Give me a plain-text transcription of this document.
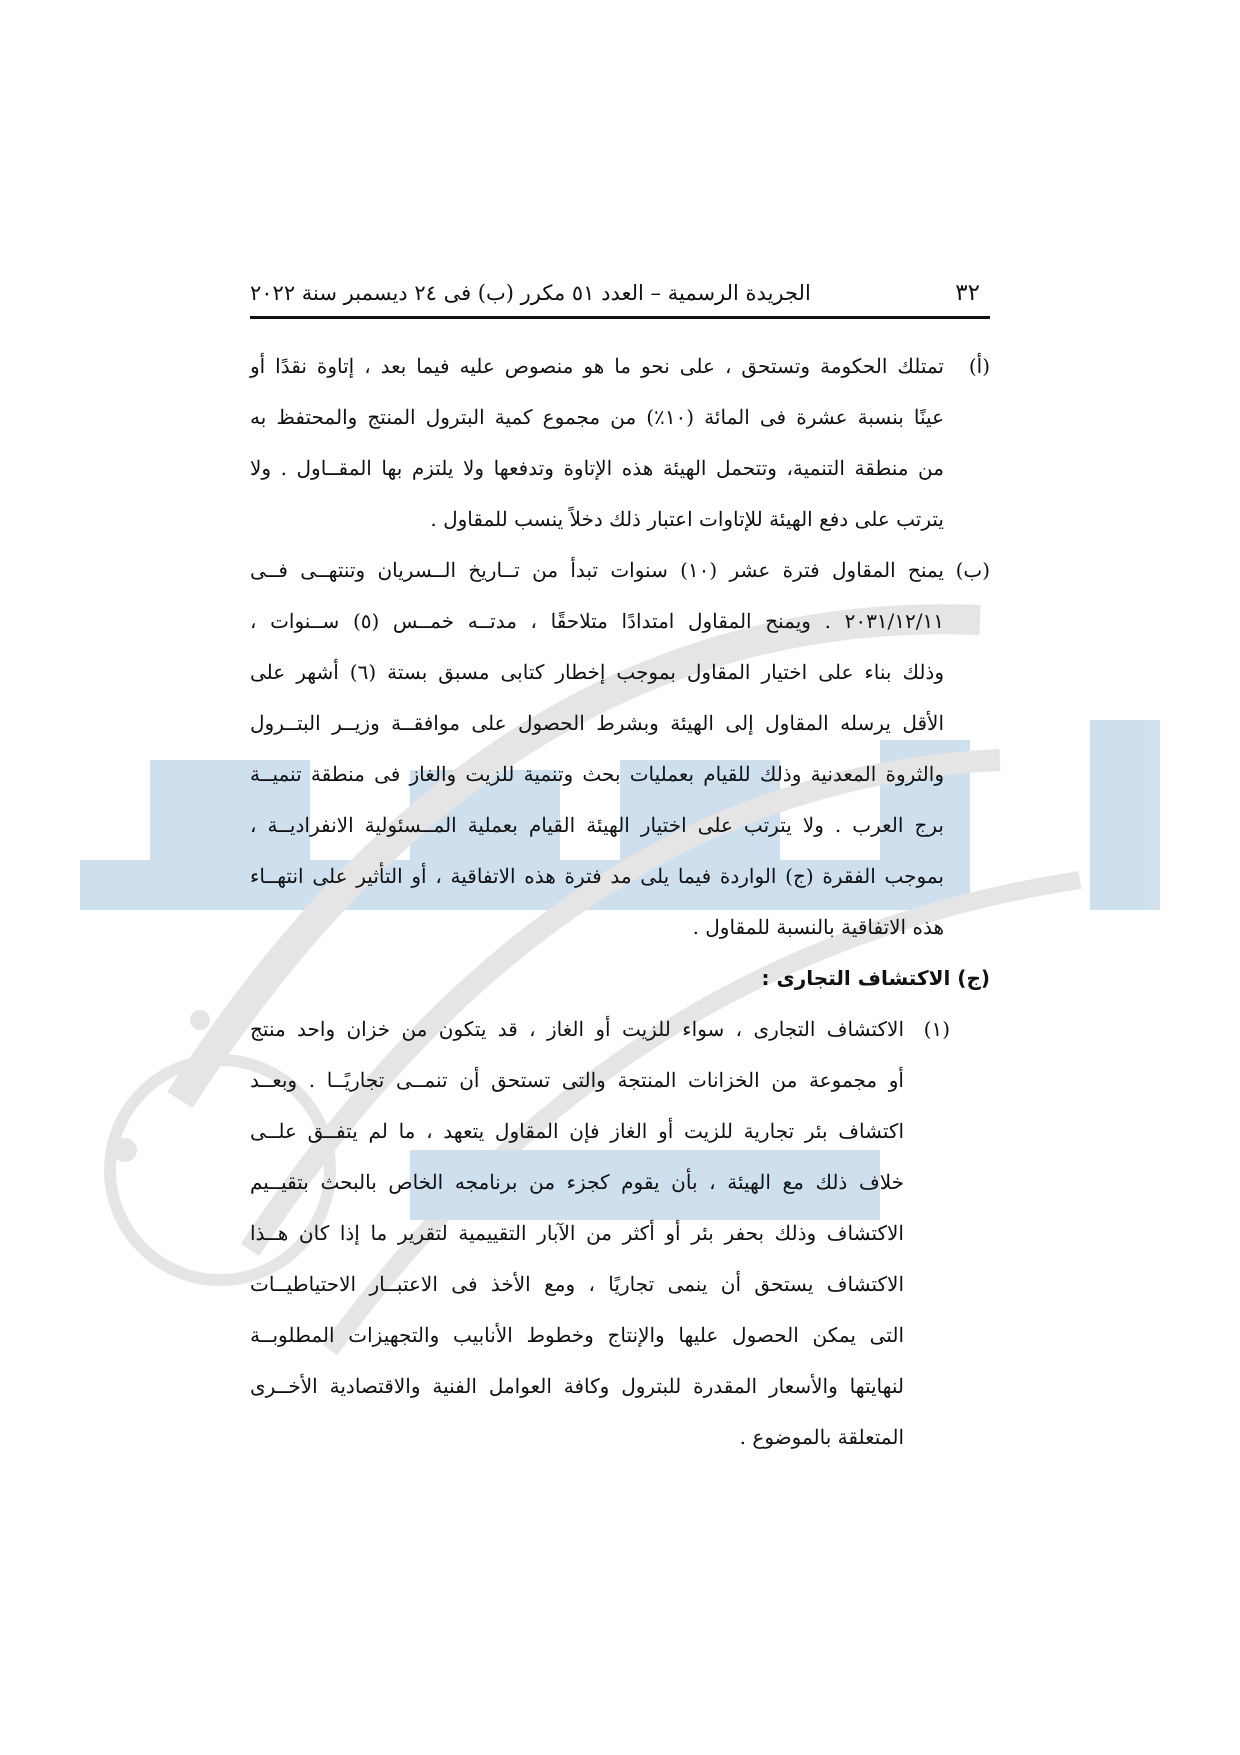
٣٢
الجريدة الرسمية – العدد ٥١ مكرر (ب) فى ٢٤ ديسمبر سنة ٢٠٢٢
(أ)
تمتلك الحكومة وتستحق ، على نحو ما هو منصوص عليه فيما بعد ، إتاوة نقدًا أو
عينًا بنسبة عشرة فى المائة (١٠٪) من مجموع كمية البترول المنتج والمحتفظ به
من منطقة التنمية، وتتحمل الهيئة هذه الإتاوة وتدفعها ولا يلتزم بها المقــاول . ولا
يترتب على دفع الهيئة للإتاوات اعتبار ذلك دخلاً ينسب للمقاول .
(ب)
يمنح المقاول فترة عشر (١٠) سنوات تبدأ من تــاريخ الــسريان وتنتهــى فــى
٢٠٣١/١٢/١١ . ويمنح المقاول امتدادًا متلاحقًا ، مدتــه خمــس (٥) ســنوات ،
وذلك بناء على اختيار المقاول بموجب إخطار كتابى مسبق بستة (٦) أشهر على
الأقل يرسله المقاول إلى الهيئة وبشرط الحصول على موافقــة وزيــر البتــرول
والثروة المعدنية وذلك للقيام بعمليات بحث وتنمية للزيت والغاز فى منطقة تنميــة
برج العرب . ولا يترتب على اختيار الهيئة القيام بعملية المــسئولية الانفراديــة ،
بموجب الفقرة (ج) الواردة فيما يلى مد فترة هذه الاتفاقية ، أو التأثير على انتهــاء
هذه الاتفاقية بالنسبة للمقاول .
(ج) الاكتشاف التجارى :
(١)
الاكتشاف التجارى ، سواء للزيت أو الغاز ، قد يتكون من خزان واحد منتج
أو مجموعة من الخزانات المنتجة والتى تستحق أن تنمــى تجاريًــا . وبعــد
اكتشاف بئر تجارية للزيت أو الغاز فإن المقاول يتعهد ، ما لم يتفــق علــى
خلاف ذلك مع الهيئة ، بأن يقوم كجزء من برنامجه الخاص بالبحث بتقيــيم
الاكتشاف وذلك بحفر بئر أو أكثر من الآبار التقييمية لتقرير ما إذا كان هــذا
الاكتشاف يستحق أن ينمى تجاريًا ، ومع الأخذ فى الاعتبــار الاحتياطيــات
التى يمكن الحصول عليها والإنتاج وخطوط الأنابيب والتجهيزات المطلوبــة
لنهايتها والأسعار المقدرة للبترول وكافة العوامل الفنية والاقتصادية الأخــرى
المتعلقة بالموضوع .
